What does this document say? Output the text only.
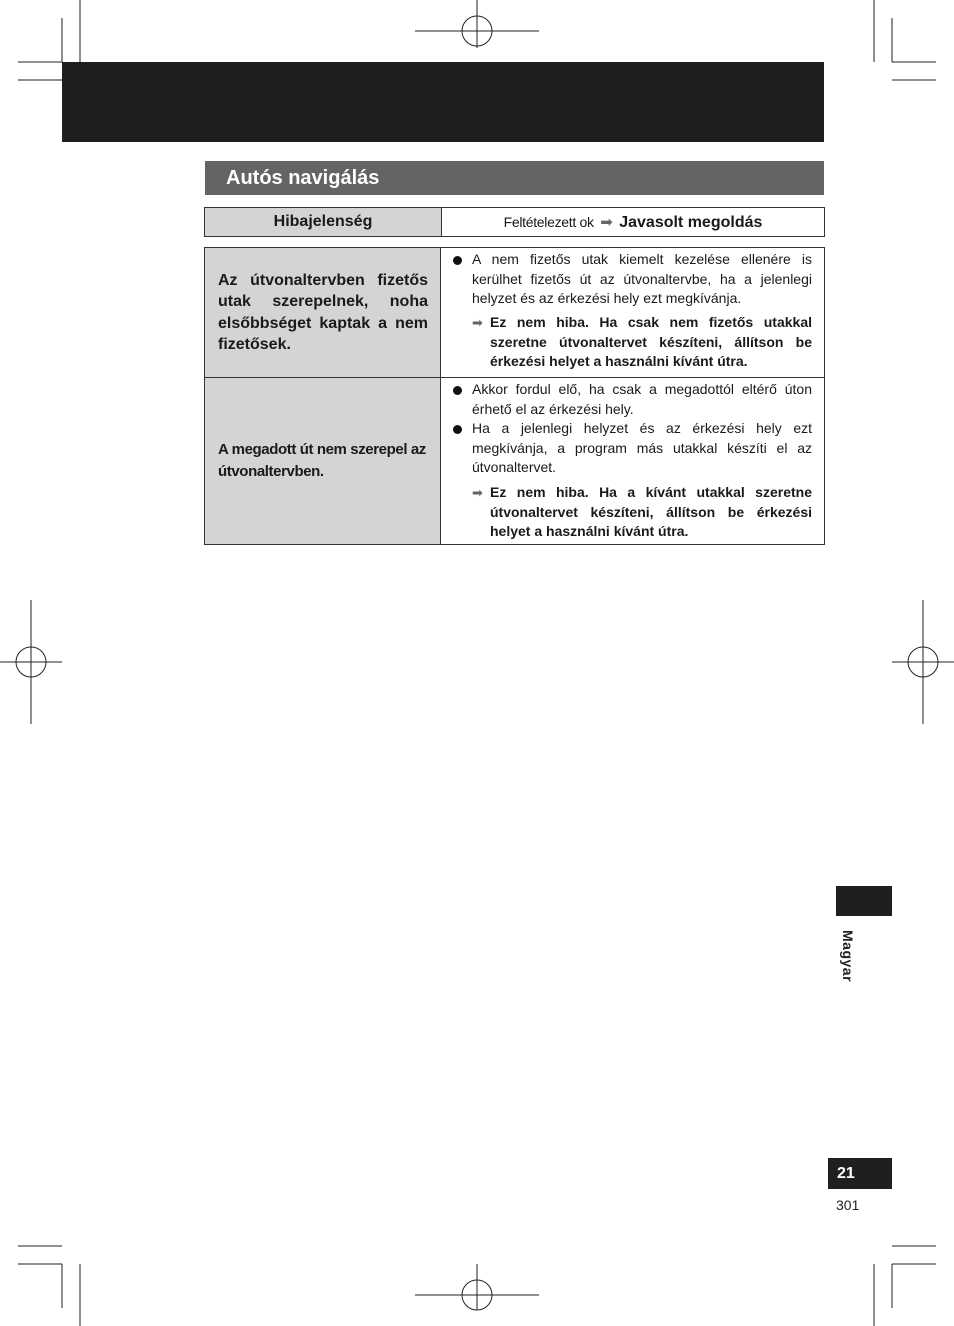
Autós navigálás
Hibajelenség	Feltételezett ok ➡ Javasolt megoldás

Az útvonaltervben fizetős utak szerepelnek, noha elsőbbséget kaptak a nem fizetősek.

A nem fizetős utak kiemelt kezelése ellenére is kerülhet fizetős út az útvonaltervbe, ha a jelenlegi helyzet és az érkezési hely ezt megkívánja.
➡ Ez nem hiba. Ha csak nem fizetős utakkal szeretne útvonaltervet készíteni, állítson be érkezési helyet a használni kívánt útra.

A megadott út nem szerepel az útvonaltervben.

Akkor fordul elő, ha csak a megadottól eltérő úton érhető el az érkezési hely.
Ha a jelenlegi helyzet és az érkezési hely ezt megkívánja, a program más utakkal készíti el az útvonaltervet.
➡ Ez nem hiba. Ha a kívánt utakkal szeretne útvonaltervet készíteni, állítson be érkezési helyet a használni kívánt útra.
Magyar
21
301
